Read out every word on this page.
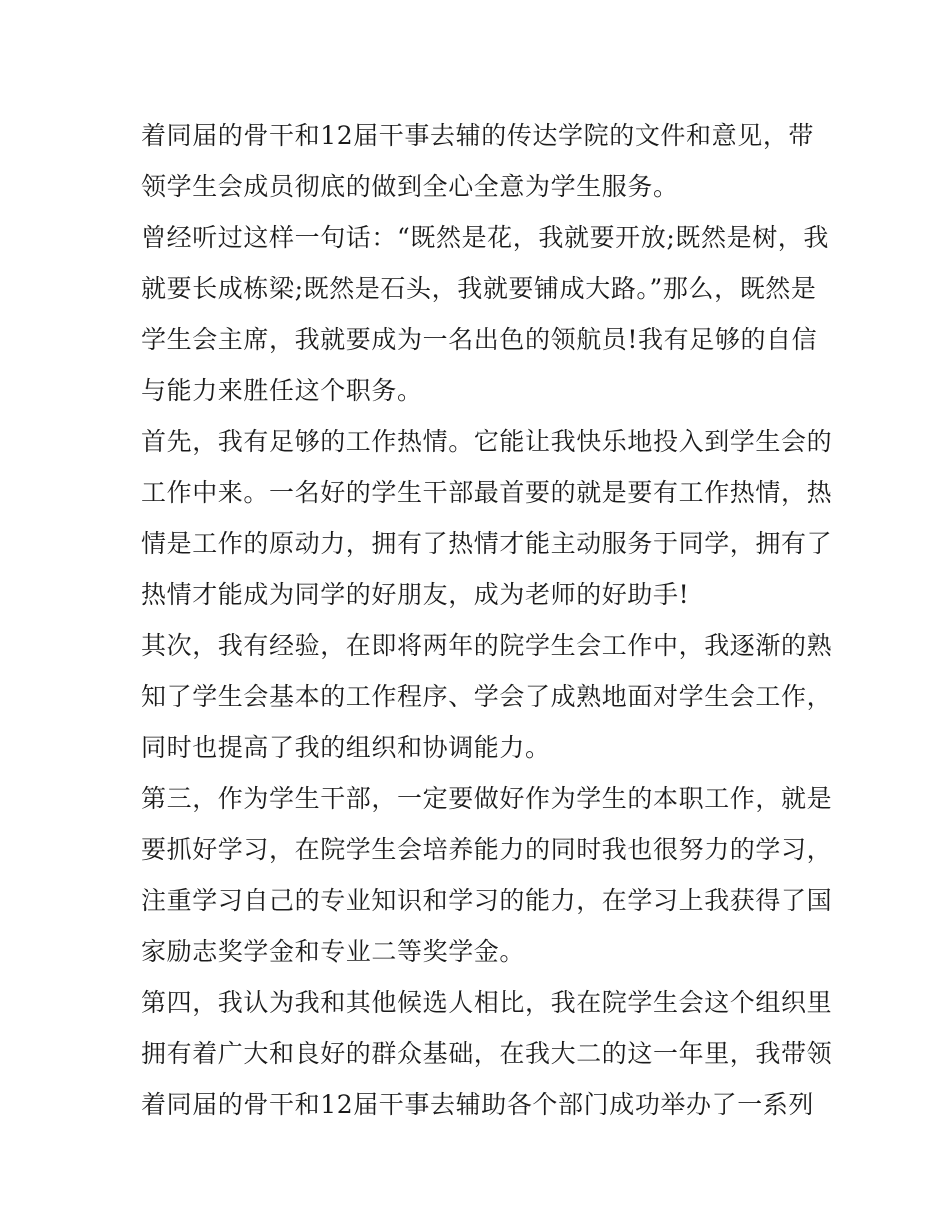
着同届的骨干和12届干事去辅的传达学院的文件和意见，带
领学生会成员彻底的做到全心全意为学生服务。
曾经听过这样一句话：“既然是花，我就要开放;既然是树，我
就要长成栋梁;既然是石头，我就要铺成大路。”那么，既然是
学生会主席，我就要成为一名出色的领航员!我有足够的自信
与能力来胜任这个职务。
首先，我有足够的工作热情。它能让我快乐地投入到学生会的
工作中来。一名好的学生干部最首要的就是要有工作热情，热
情是工作的原动力，拥有了热情才能主动服务于同学，拥有了
热情才能成为同学的好朋友，成为老师的好助手!
其次，我有经验，在即将两年的院学生会工作中，我逐渐的熟
知了学生会基本的工作程序、学会了成熟地面对学生会工作，
同时也提高了我的组织和协调能力。
第三，作为学生干部，一定要做好作为学生的本职工作，就是
要抓好学习，在院学生会培养能力的同时我也很努力的学习，
注重学习自己的专业知识和学习的能力，在学习上我获得了国
家励志奖学金和专业二等奖学金。
第四，我认为我和其他候选人相比，我在院学生会这个组织里
拥有着广大和良好的群众基础，在我大二的这一年里，我带领
着同届的骨干和12届干事去辅助各个部门成功举办了一系列
